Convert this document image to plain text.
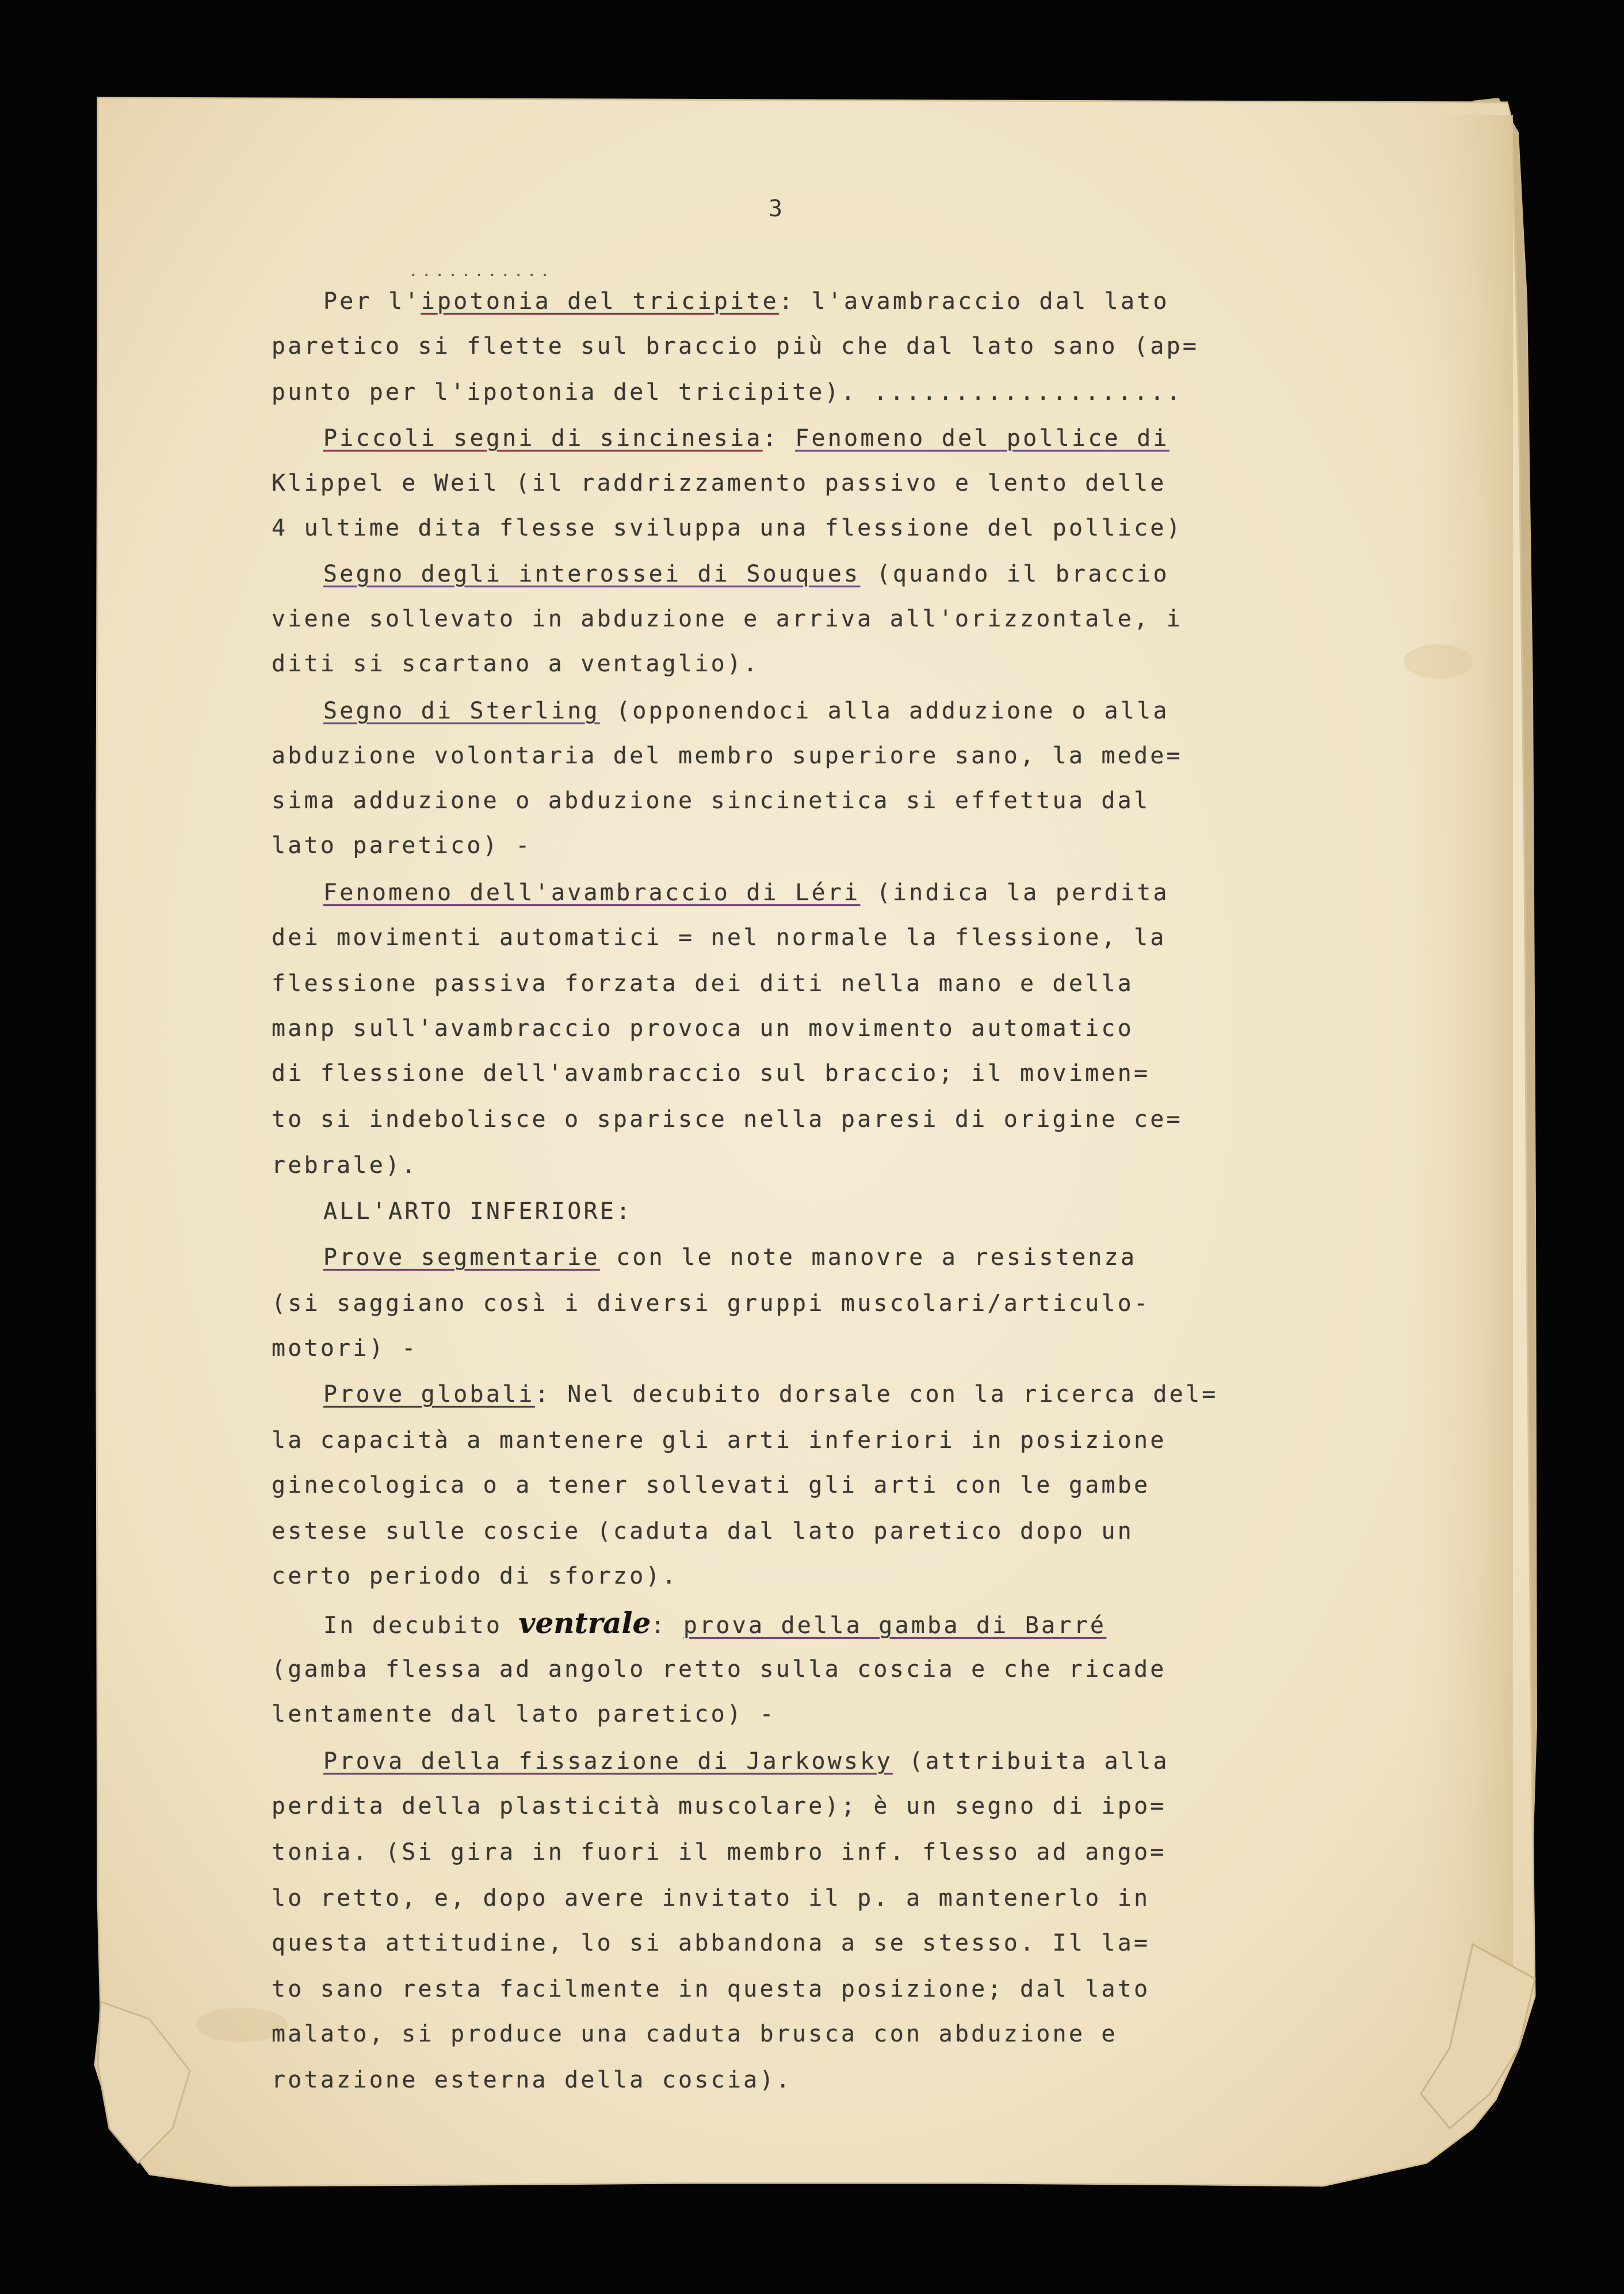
3
...........
Per l'ipotonia del tricipite: l'avambraccio dal lato
paretico si flette sul braccio più che dal lato sano (ap=
punto per l'ipotonia del tricipite). ...................
Piccoli segni di sincinesia: Fenomeno del pollice di
Klippel e Weil (il raddrizzamento passivo e lento delle
4 ultime dita flesse sviluppa una flessione del pollice)
Segno degli interossei di Souques (quando il braccio
viene sollevato in abduzione e arriva all'orizzontale, i
diti si scartano a ventaglio).
Segno di Sterling (opponendoci alla adduzione o alla
abduzione volontaria del membro superiore sano, la mede=
sima adduzione o abduzione sincinetica si effettua dal
lato paretico) -
Fenomeno dell'avambraccio di Léri (indica la perdita
dei movimenti automatici = nel normale la flessione, la
flessione passiva forzata dei diti nella mano e della
manp sull'avambraccio provoca un movimento automatico
di flessione dell'avambraccio sul braccio; il movimen=
to si indebolisce o sparisce nella paresi di origine ce=
rebrale).
ALL'ARTO INFERIORE:
Prove segmentarie con le note manovre a resistenza
(si saggiano così i diversi gruppi muscolari/articulo-
motori) -
Prove globali: Nel decubito dorsale con la ricerca del=
la capacità a mantenere gli arti inferiori in posizione
ginecologica o a tener sollevati gli arti con le gambe
estese sulle coscie (caduta dal lato paretico dopo un
certo periodo di sforzo).
In decubito ventrale: prova della gamba di Barré
(gamba flessa ad angolo retto sulla coscia e che ricade
lentamente dal lato paretico) -
Prova della fissazione di Jarkowsky (attribuita alla
perdita della plasticità muscolare); è un segno di ipo=
tonia. (Si gira in fuori il membro inf. flesso ad ango=
lo retto, e, dopo avere invitato il p. a mantenerlo in
questa attitudine, lo si abbandona a se stesso. Il la=
to sano resta facilmente in questa posizione; dal lato
malato, si produce una caduta brusca con abduzione e
rotazione esterna della coscia).
